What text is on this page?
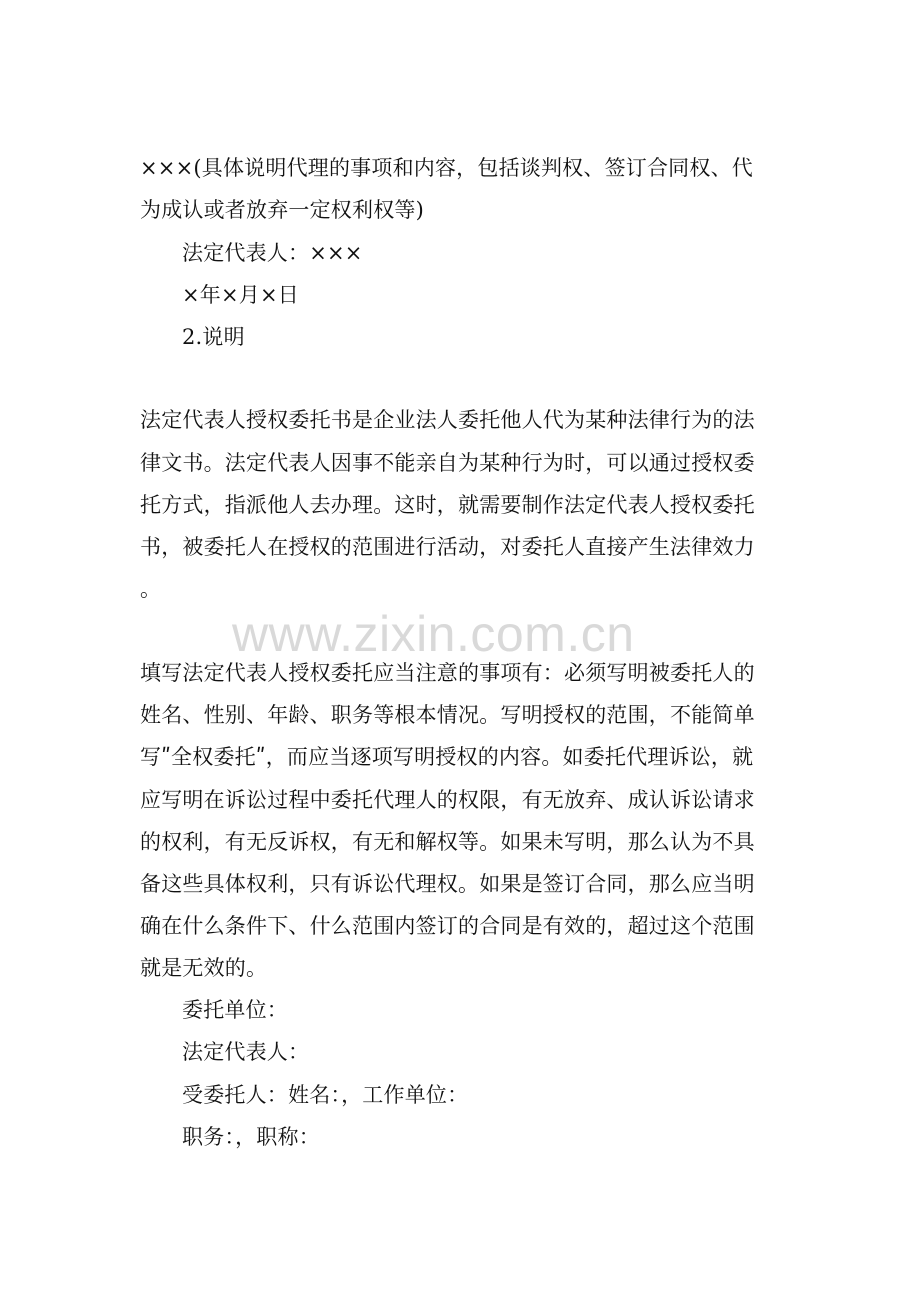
www.zixin.com.cn
×××(具体说明代理的事项和内容，包括谈判权、签订合同权、代
为成认或者放弃一定权利权等)
法定代表人：×××
×年×月×日
2.说明
法定代表人授权委托书是企业法人委托他人代为某种法律行为的法
律文书。法定代表人因事不能亲自为某种行为时，可以通过授权委
托方式，指派他人去办理。这时，就需要制作法定代表人授权委托
书，被委托人在授权的范围进行活动，对委托人直接产生法律效力
。
填写法定代表人授权委托应当注意的事项有：必须写明被委托人的
姓名、性别、年龄、职务等根本情况。写明授权的范围，不能简单
写ʺ全权委托ʺ，而应当逐项写明授权的内容。如委托代理诉讼，就
应写明在诉讼过程中委托代理人的权限，有无放弃、成认诉讼请求
的权利，有无反诉权，有无和解权等。如果未写明，那么认为不具
备这些具体权利，只有诉讼代理权。如果是签订合同，那么应当明
确在什么条件下、什么范围内签订的合同是有效的，超过这个范围
就是无效的。
委托单位：
法定代表人：
受委托人：姓名：，工作单位：
职务：，职称：
